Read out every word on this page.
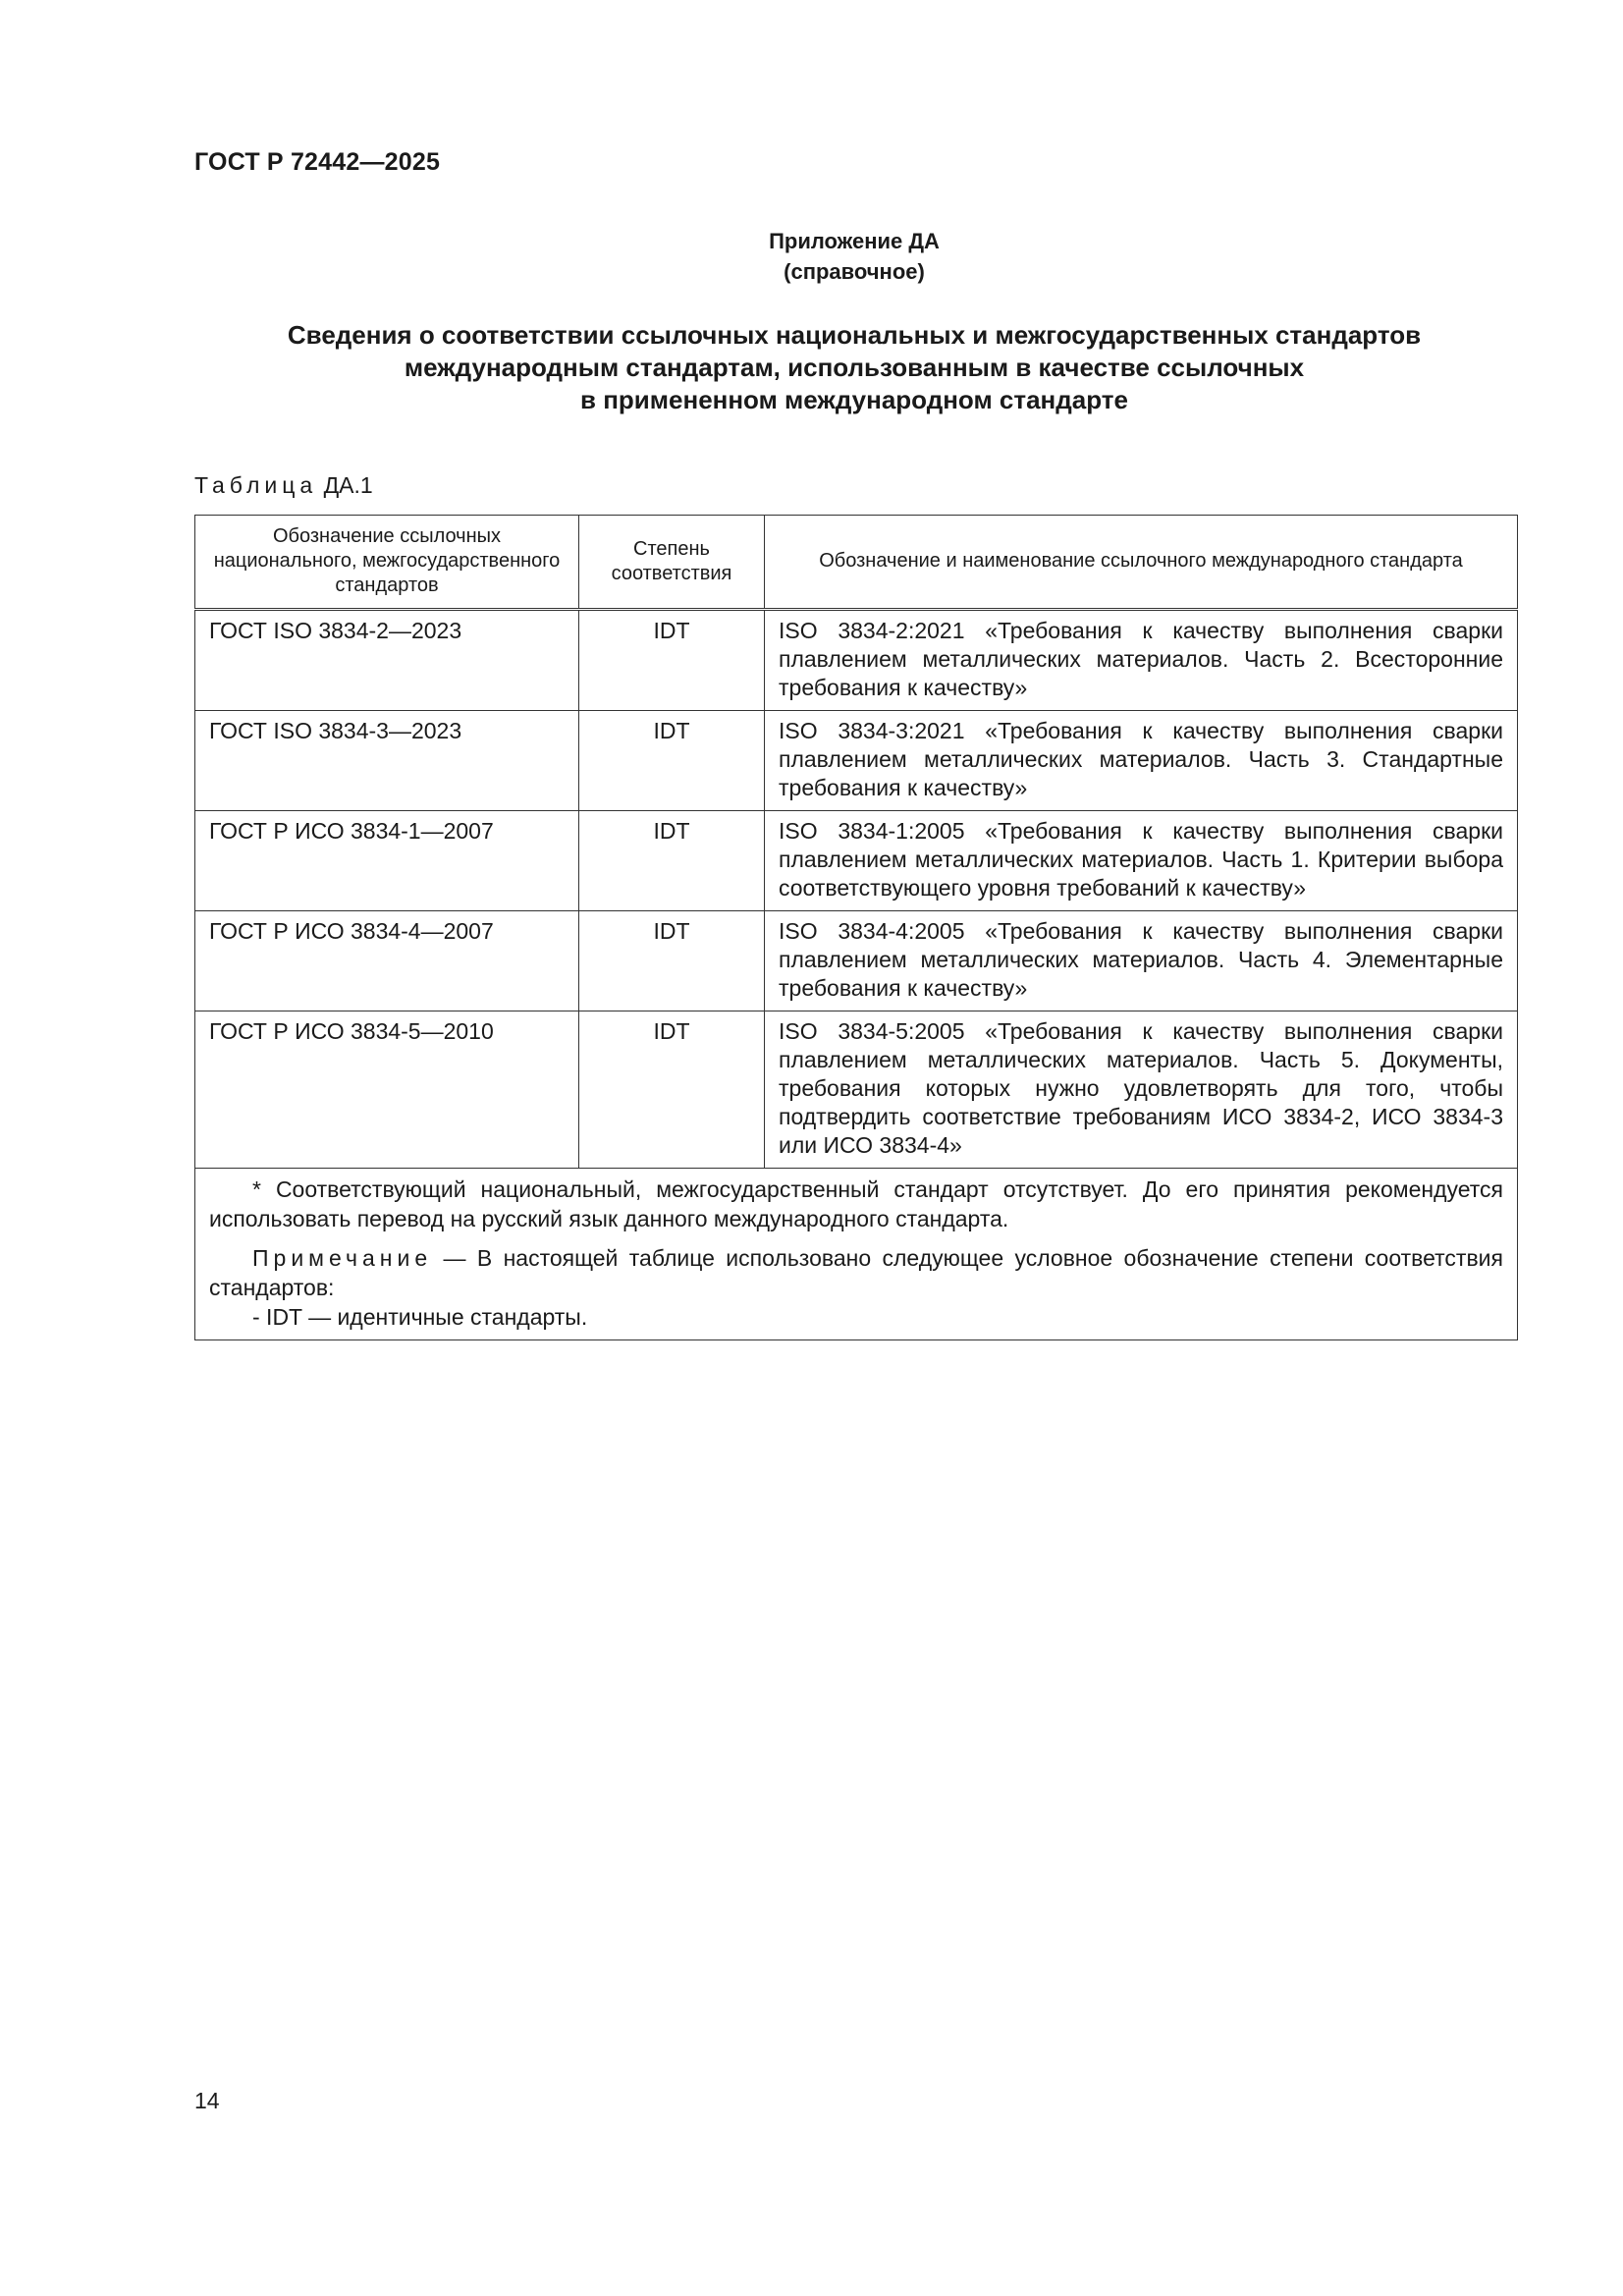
ГОСТ Р 72442—2025
Приложение ДА
(справочное)
Сведения о соответствии ссылочных национальных и межгосударственных стандартов
международным стандартам, использованным в качестве ссылочных
в примененном международном стандарте
Таблица ДА.1
Обозначение ссылочных национального, межгосударственного стандартов	Степень соответствия	Обозначение и наименование ссылочного международного стандарта
ГОСТ ISO 3834-2—2023	IDT	ISO 3834-2:2021 «Требования к качеству выполнения сварки плавлением металлических материалов. Часть 2. Всесторонние требования к качеству»
ГОСТ ISO 3834-3—2023	IDT	ISO 3834-3:2021 «Требования к качеству выполнения сварки плавлением металлических материалов. Часть 3. Стандартные требования к качеству»
ГОСТ Р ИСО 3834-1—2007	IDT	ISO 3834-1:2005 «Требования к качеству выполнения сварки плавлением металлических материалов. Часть 1. Критерии выбора соответствующего уровня требований к качеству»
ГОСТ Р ИСО 3834-4—2007	IDT	ISO 3834-4:2005 «Требования к качеству выполнения сварки плавлением металлических материалов. Часть 4. Элементарные требования к качеству»
ГОСТ Р ИСО 3834-5—2010	IDT	ISO 3834-5:2005 «Требования к качеству выполнения сварки плавлением металлических материалов. Часть 5. Документы, требования которых нужно удовлетворять для того, чтобы подтвердить соответствие требованиям ИСО 3834-2, ИСО 3834-3 или ИСО 3834-4»

* Соответствующий национальный, межгосударственный стандарт отсутствует. До его принятия рекомендуется использовать перевод на русский язык данного международного стандарта.

Примечание — В настоящей таблице использовано следующее условное обозначение степени соответствия стандартов:

- IDT — идентичные стандарты.		

14
